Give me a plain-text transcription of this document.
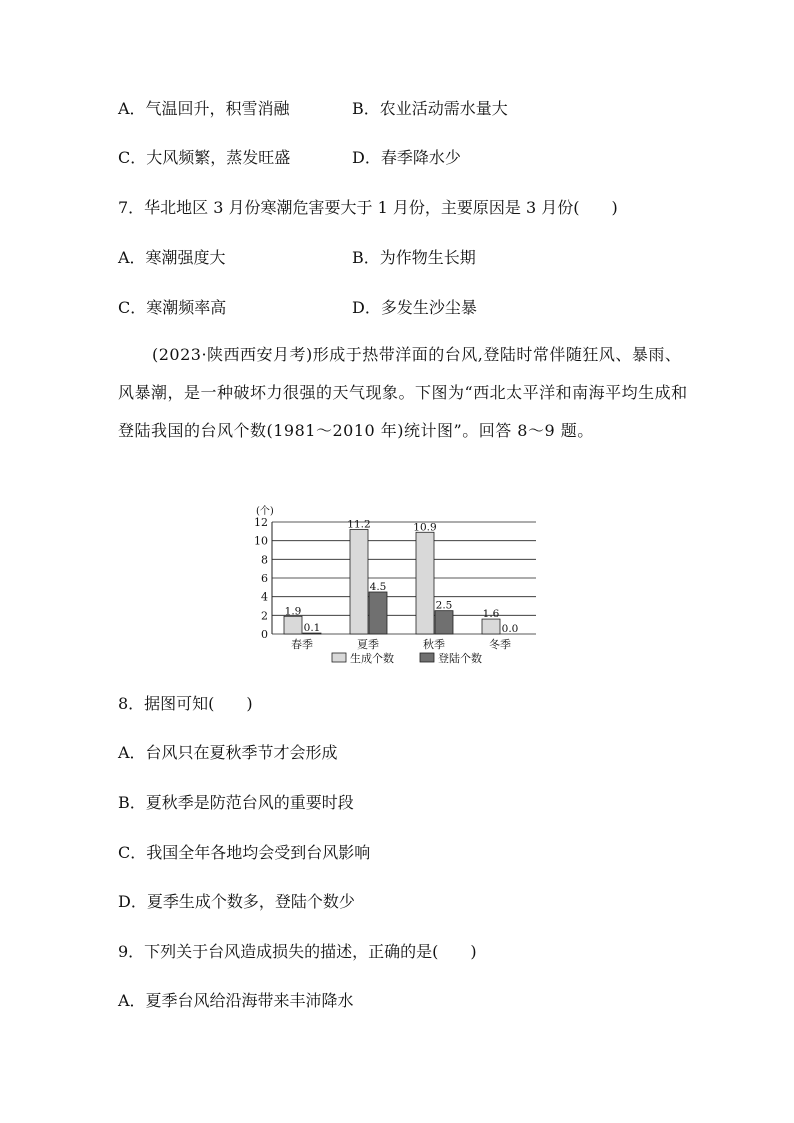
A．气温回升，积雪消融	B．农业活动需水量大
C．大风频繁，蒸发旺盛	D．春季降水少
7．华北地区 3 月份寒潮危害要大于 1 月份，主要原因是 3 月份(　　)
A．寒潮强度大	B．为作物生长期
C．寒潮频率高	D．多发生沙尘暴
(2023·陕西西安月考)形成于热带洋面的台风,登陆时常伴随狂风、暴雨、风暴潮，是一种破坏力很强的天气现象。下图为“西北太平洋和南海平均生成和登陆我国的台风个数(1981～2010 年)统计图”。回答 8～9 题。
(个)
0
2
4
6
8
10
12
1.9
0.1
春季
11.2
4.5
夏季
10.9
2.5
秋季
1.6
0.0
冬季
生成个数	登陆个数
8．据图可知(　　)
A．台风只在夏秋季节才会形成
B．夏秋季是防范台风的重要时段
C．我国全年各地均会受到台风影响
D．夏季生成个数多，登陆个数少
9．下列关于台风造成损失的描述，正确的是(　　)
A．夏季台风给沿海带来丰沛降水
